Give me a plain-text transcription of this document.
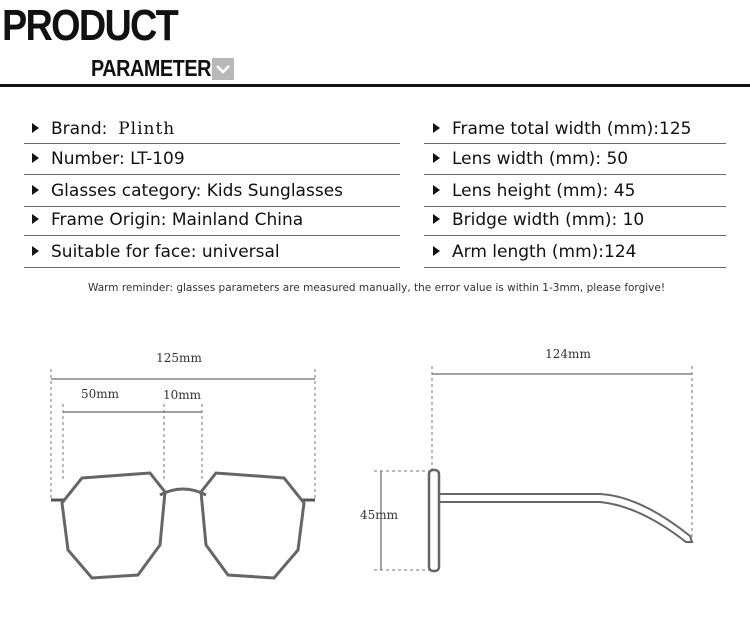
PRODUCT
PARAMETER
Brand: Plinth	Frame total width (mm):125
Number: LT-109	Lens width (mm): 50
Glasses category: Kids Sunglasses	Lens height (mm): 45
Frame Origin: Mainland China	Bridge width (mm): 10
Suitable for face: universal	Arm length (mm):124
Warm reminder: glasses parameters are measured manually, the error value is within 1-3mm, please forgive!
125mm
50mm	10mm
124mm
45mm
